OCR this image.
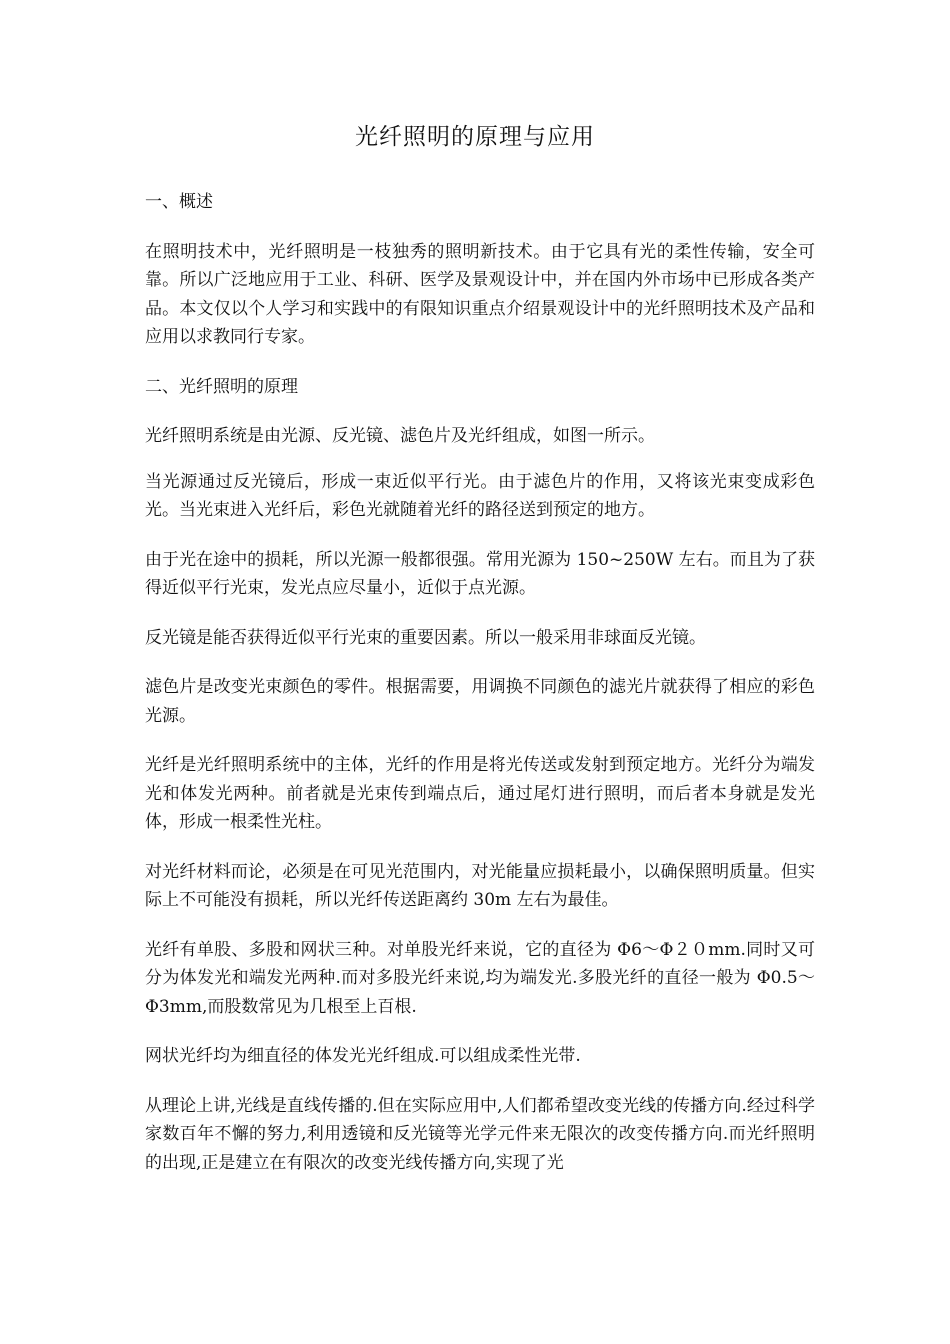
光纤照明的原理与应用
一、概述

在照明技术中，光纤照明是一枝独秀的照明新技术。由于它具有光的柔性传输，安全可靠。所以广泛地应用于工业、科研、医学及景观设计中，并在国内外市场中已形成各类产品。本文仅以个人学习和实践中的有限知识重点介绍景观设计中的光纤照明技术及产品和应用以求教同行专家。

二、光纤照明的原理

光纤照明系统是由光源、反光镜、滤色片及光纤组成，如图一所示。

当光源通过反光镜后，形成一束近似平行光。由于滤色片的作用，又将该光束变成彩色光。当光束进入光纤后，彩色光就随着光纤的路径送到预定的地方。

由于光在途中的损耗，所以光源一般都很强。常用光源为 150~250W 左右。而且为了获得近似平行光束，发光点应尽量小，近似于点光源。

反光镜是能否获得近似平行光束的重要因素。所以一般采用非球面反光镜。

滤色片是改变光束颜色的零件。根据需要，用调换不同颜色的滤光片就获得了相应的彩色光源。

光纤是光纤照明系统中的主体，光纤的作用是将光传送或发射到预定地方。光纤分为端发光和体发光两种。前者就是光束传到端点后，通过尾灯进行照明，而后者本身就是发光体，形成一根柔性光柱。

对光纤材料而论，必须是在可见光范围内，对光能量应损耗最小，以确保照明质量。但实际上不可能没有损耗，所以光纤传送距离约 30m 左右为最佳。

光纤有单股、多股和网状三种。对单股光纤来说，它的直径为 Φ6～Φ２０mm.同时又可分为体发光和端发光两种.而对多股光纤来说,均为端发光.多股光纤的直径一般为 Φ0.5～Φ3mm,而股数常见为几根至上百根.

网状光纤均为细直径的体发光光纤组成.可以组成柔性光带.

从理论上讲,光线是直线传播的.但在实际应用中,人们都希望改变光线的传播方向.经过科学家数百年不懈的努力,利用透镜和反光镜等光学元件来无限次的改变传播方向.而光纤照明的出现,正是建立在有限次的改变光线传播方向,实现了光
